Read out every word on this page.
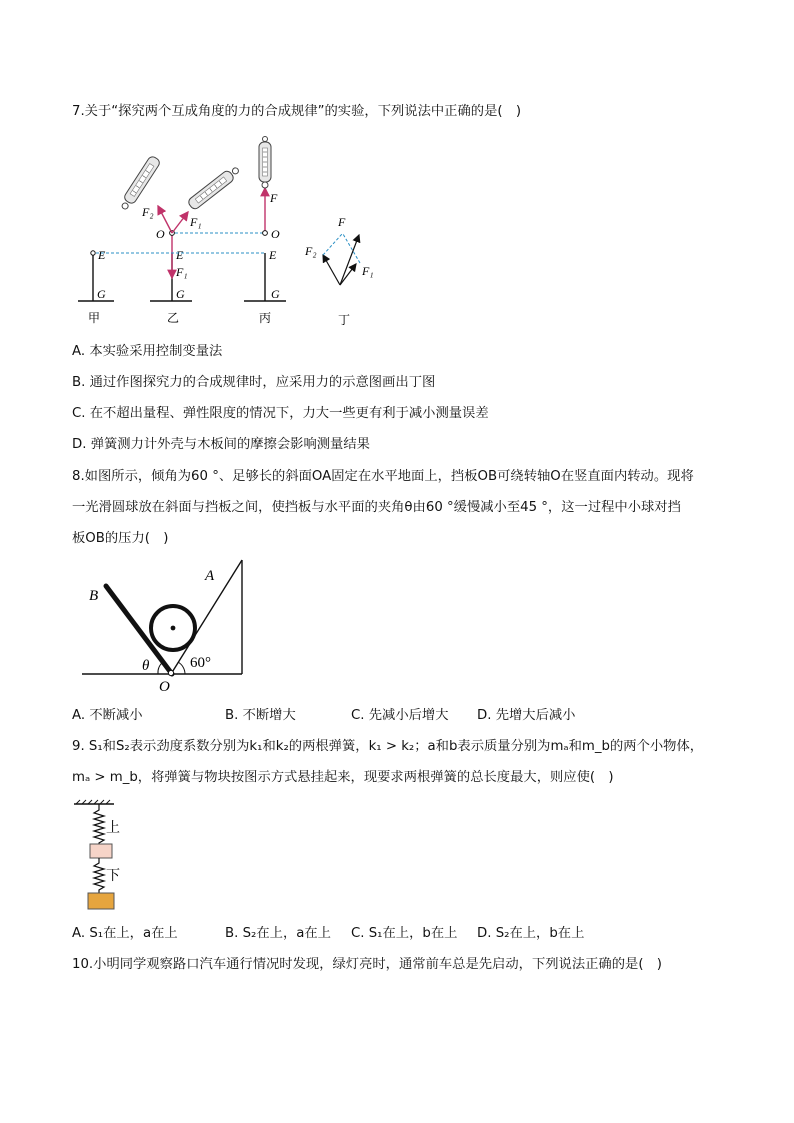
7.关于“探究两个互成角度的力的合成规律”的实验，下列说法中正确的是(　)
E
G
甲
F₂
F₁
O
E
F₁
G
乙
F
O
E
G
丙
F
F₂
F₁
丁
A. 本实验采用控制变量法
B. 通过作图探究力的合成规律时，应采用力的示意图画出丁图
C. 在不超出量程、弹性限度的情况下，力大一些更有利于减小测量误差
D. 弹簧测力计外壳与木板间的摩擦会影响测量结果
8.如图所示，倾角为60 °、足够长的斜面OA固定在水平地面上，挡板OB可绕转轴O在竖直面内转动。现将
一光滑圆球放在斜面与挡板之间，使挡板与水平面的夹角θ由60 °缓慢减小至45 °，这一过程中小球对挡
板OB的压力(　)
B
A
O
θ	60°
A. 不断减小	B. 不断增大	C. 先减小后增大 D. 先增大后减小
9. S₁和S₂表示劲度系数分别为k₁和k₂的两根弹簧，k₁ > k₂；a和b表示质量分别为mₐ和m_b的两个小物体，
mₐ > m_b，将弹簧与物块按图示方式悬挂起来，现要求两根弹簧的总长度最大，则应使(　)
上
下
A. S₁在上，a在上	B. S₂在上，a在上 C. S₁在上，b在上 D. S₂在上，b在上
10.小明同学观察路口汽车通行情况时发现，绿灯亮时，通常前车总是先启动，下列说法正确的是(　)
